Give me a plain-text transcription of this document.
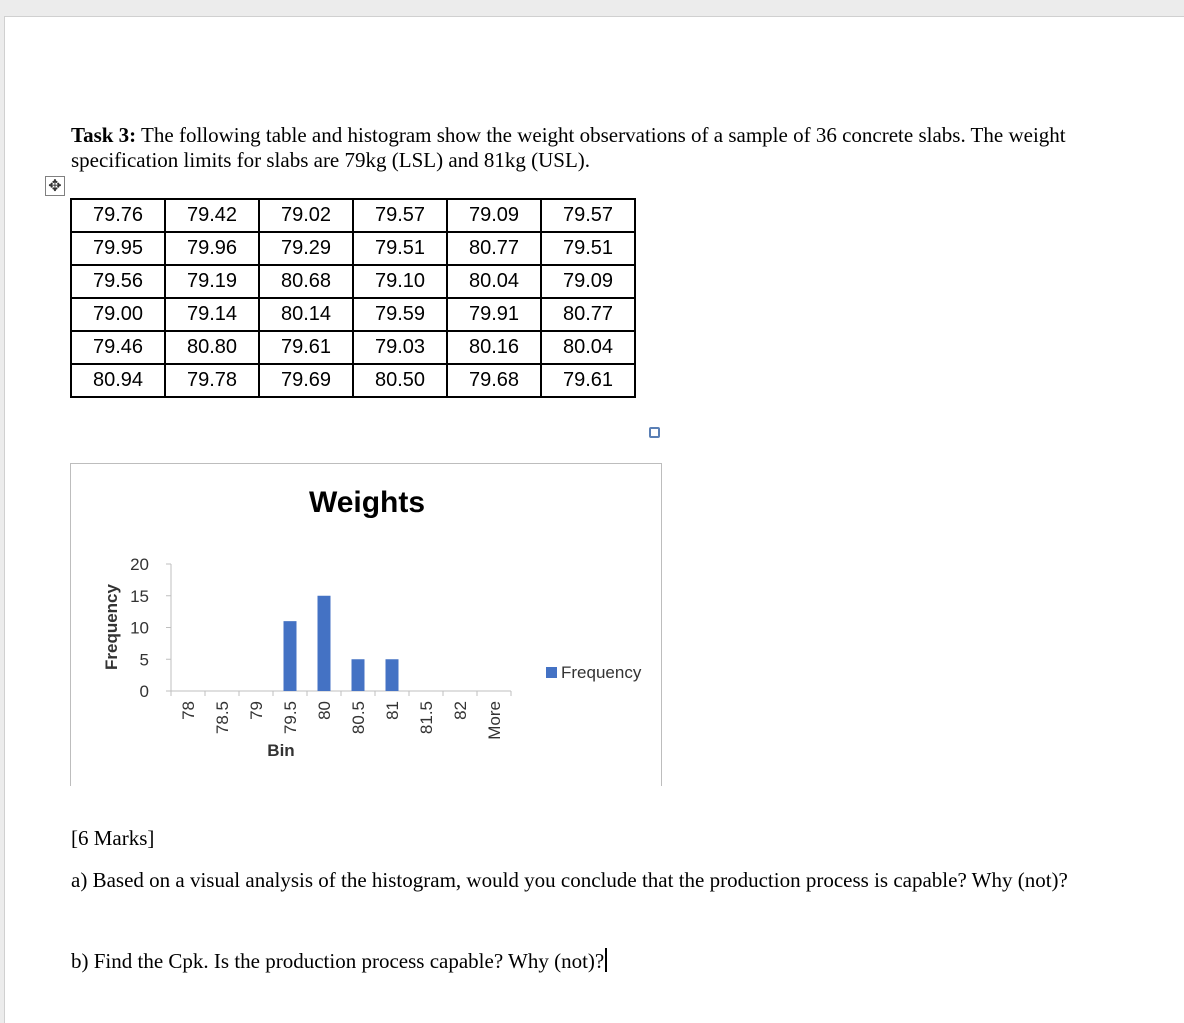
Task 3: The following table and histogram show the weight observations of a sample of 36 concrete slabs. The weight specification limits for slabs are 79kg (LSL) and 81kg (USL).
✥
79.76	79.42	79.02	79.57	79.09	79.57
79.95	79.96	79.29	79.51	80.77	79.51
79.56	79.19	80.68	79.10	80.04	79.09
79.00	79.14	80.14	79.59	79.91	80.77
79.46	80.80	79.61	79.03	80.16	80.04
80.94	79.78	79.69	80.50	79.68	79.61
Weights
0
5
10
15
20
78 78.5 79 79.5 80 80.5 81 81.5 82 More
Bin
Frequency
Frequency
[6 Marks]
a) Based on a visual analysis of the histogram, would you conclude that the production process is capable? Why (not)?
b) Find the Cpk. Is the production process capable? Why (not)?
